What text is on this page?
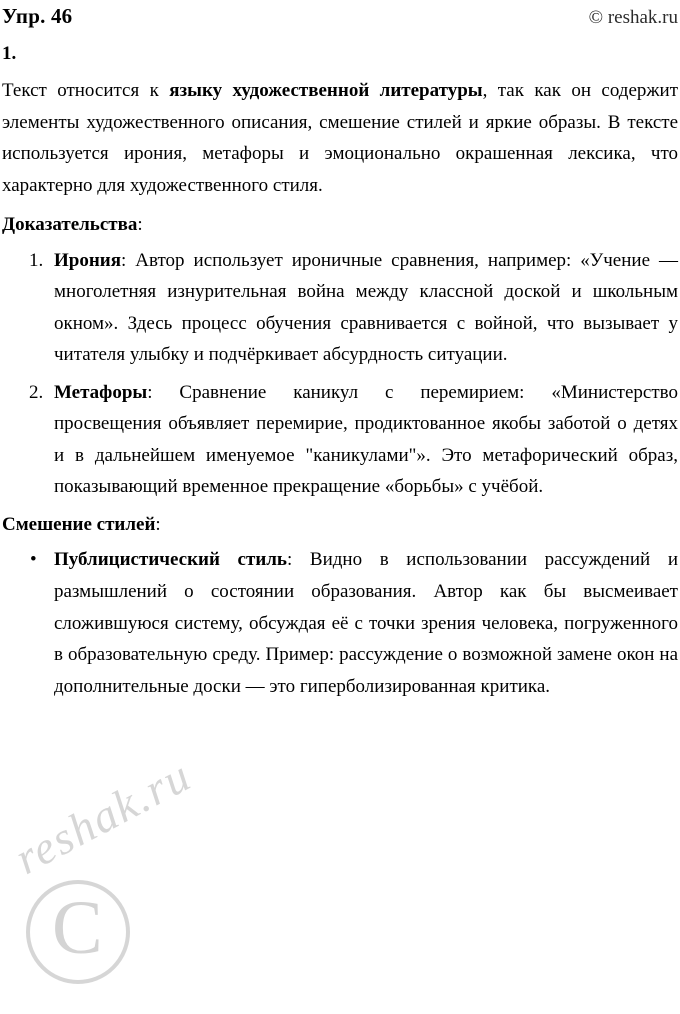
reshak.ru
C
Упр. 46	© reshak.ru
1.

Текст относится к языку художественной литературы, так как он содержит элементы художественного описания, смешение стилей и яркие образы. В тексте используется ирония, метафоры и эмоционально окрашенная лексика, что характерно для художественного стиля.

Доказательства:

1. Ирония: Автор использует ироничные сравнения, например: «Учение — многолетняя изнурительная война между классной доской и школьным окном». Здесь процесс обучения сравнивается с войной, что вызывает у читателя улыбку и подчёркивает абсурдность ситуации.
2. Метафоры: Сравнение каникул с перемирием: «Министерство просвещения объявляет перемирие, продиктованное якобы заботой о детях и в дальнейшем именуемое "каникулами"». Это метафорический образ, показывающий временное прекращение «борьбы» с учёбой.

Смешение стилей:

• Публицистический стиль: Видно в использовании рассуждений и размышлений о состоянии образования. Автор как бы высмеивает сложившуюся систему, обсуждая её с точки зрения человека, погруженного в образовательную среду. Пример: рассуждение о возможной замене окон на дополнительные доски — это гиперболизированная критика.
